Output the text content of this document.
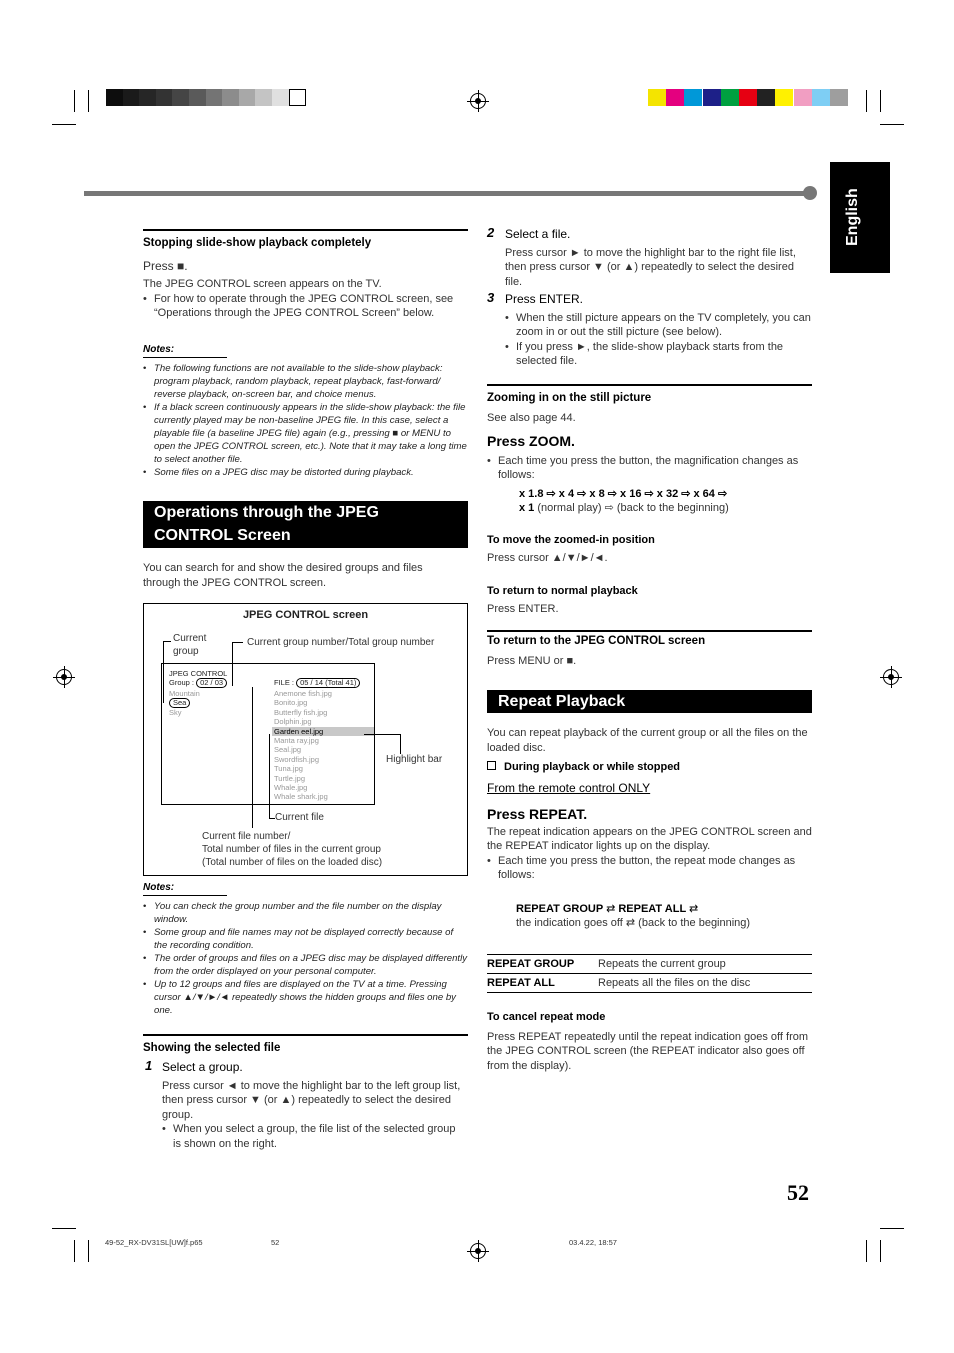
English
Stopping slide-show playback completely
Press ■.
The JPEG CONTROL screen appears on the TV.
• For how to operate through the JPEG CONTROL screen, see “Operations through the JPEG CONTROL Screen” below.
Notes:
• The following functions are not available to the slide-show playback: program playback, random playback, repeat playback, fast-forward/ reverse playback, on-screen bar, and choice menus.
• If a black screen continuously appears in the slide-show playback: the file currently played may be non-baseline JPEG file. In this case, select a playable file (a baseline JPEG file) again (e.g., pressing ■ or MENU to open the JPEG CONTROL screen, etc.). Note that it may take a long time to select another file.
• Some files on a JPEG disc may be distorted during playback.
Operations through the JPEG
CONTROL Screen
You can search for and show the desired groups and files through the JPEG CONTROL screen.
JPEG CONTROL screen
Current group
Current group number/Total group number
JPEG CONTROL
Group : 02 / 03
Mountain
Sea
Sky
FILE : 05 / 14 (Total 41)
Anemone fish.jpg
Bonito.jpg
Butterfly fish.jpg
Dolphin.jpg
Garden eel.jpg
Manta ray.jpg
Seal.jpg
Swordfish.jpg
Tuna.jpg
Turtle.jpg
Whale.jpg
Whale shark.jpg
Highlight bar
Current file
Current file number/
Total number of files in the current group
(Total number of files on the loaded disc)
Notes:
• You can check the group number and the file number on the display window.
• Some group and file names may not be displayed correctly because of the recording condition.
• The order of groups and files on a JPEG disc may be displayed differently from the order displayed on your personal computer.
• Up to 12 groups and files are displayed on the TV at a time. Pressing cursor ▲/▼/►/◄ repeatedly shows the hidden groups and files one by one.
Showing the selected file
1 Select a group.
Press cursor ◄ to move the highlight bar to the left group list, then press cursor ▼ (or ▲) repeatedly to select the desired group.
• When you select a group, the file list of the selected group is shown on the right.
2 Select a file.
Press cursor ► to move the highlight bar to the right file list, then press cursor ▼ (or ▲) repeatedly to select the desired file.
3 Press ENTER.
• When the still picture appears on the TV completely, you can zoom in or out the still picture (see below).
• If you press ►, the slide-show playback starts from the selected file.
Zooming in on the still picture
See also page 44.
Press ZOOM.
• Each time you press the button, the magnification changes as follows:
x 1.8 ⇨ x 4 ⇨ x 8 ⇨ x 16 ⇨ x 32 ⇨ x 64 ⇨
x 1 (normal play) ⇨ (back to the beginning)
To move the zoomed-in position
Press cursor ▲/▼/►/◄.
To return to normal playback
Press ENTER.
To return to the JPEG CONTROL screen
Press MENU or ■.
Repeat Playback
You can repeat playback of the current group or all the files on the loaded disc.
During playback or while stopped
From the remote control ONLY
Press REPEAT.
The repeat indication appears on the JPEG CONTROL screen and the REPEAT indicator lights up on the display.
• Each time you press the button, the repeat mode changes as follows:
REPEAT GROUP ⇄ REPEAT ALL ⇄
the indication goes off ⇄ (back to the beginning)
REPEAT GROUP	Repeats the current group
REPEAT ALL	Repeats all the files on the disc
To cancel repeat mode
Press REPEAT repeatedly until the repeat indication goes off from the JPEG CONTROL screen (the REPEAT indicator also goes off from the display).
52
49-52_RX-DV31SL[UW]f.p65	52	03.4.22, 18:57
